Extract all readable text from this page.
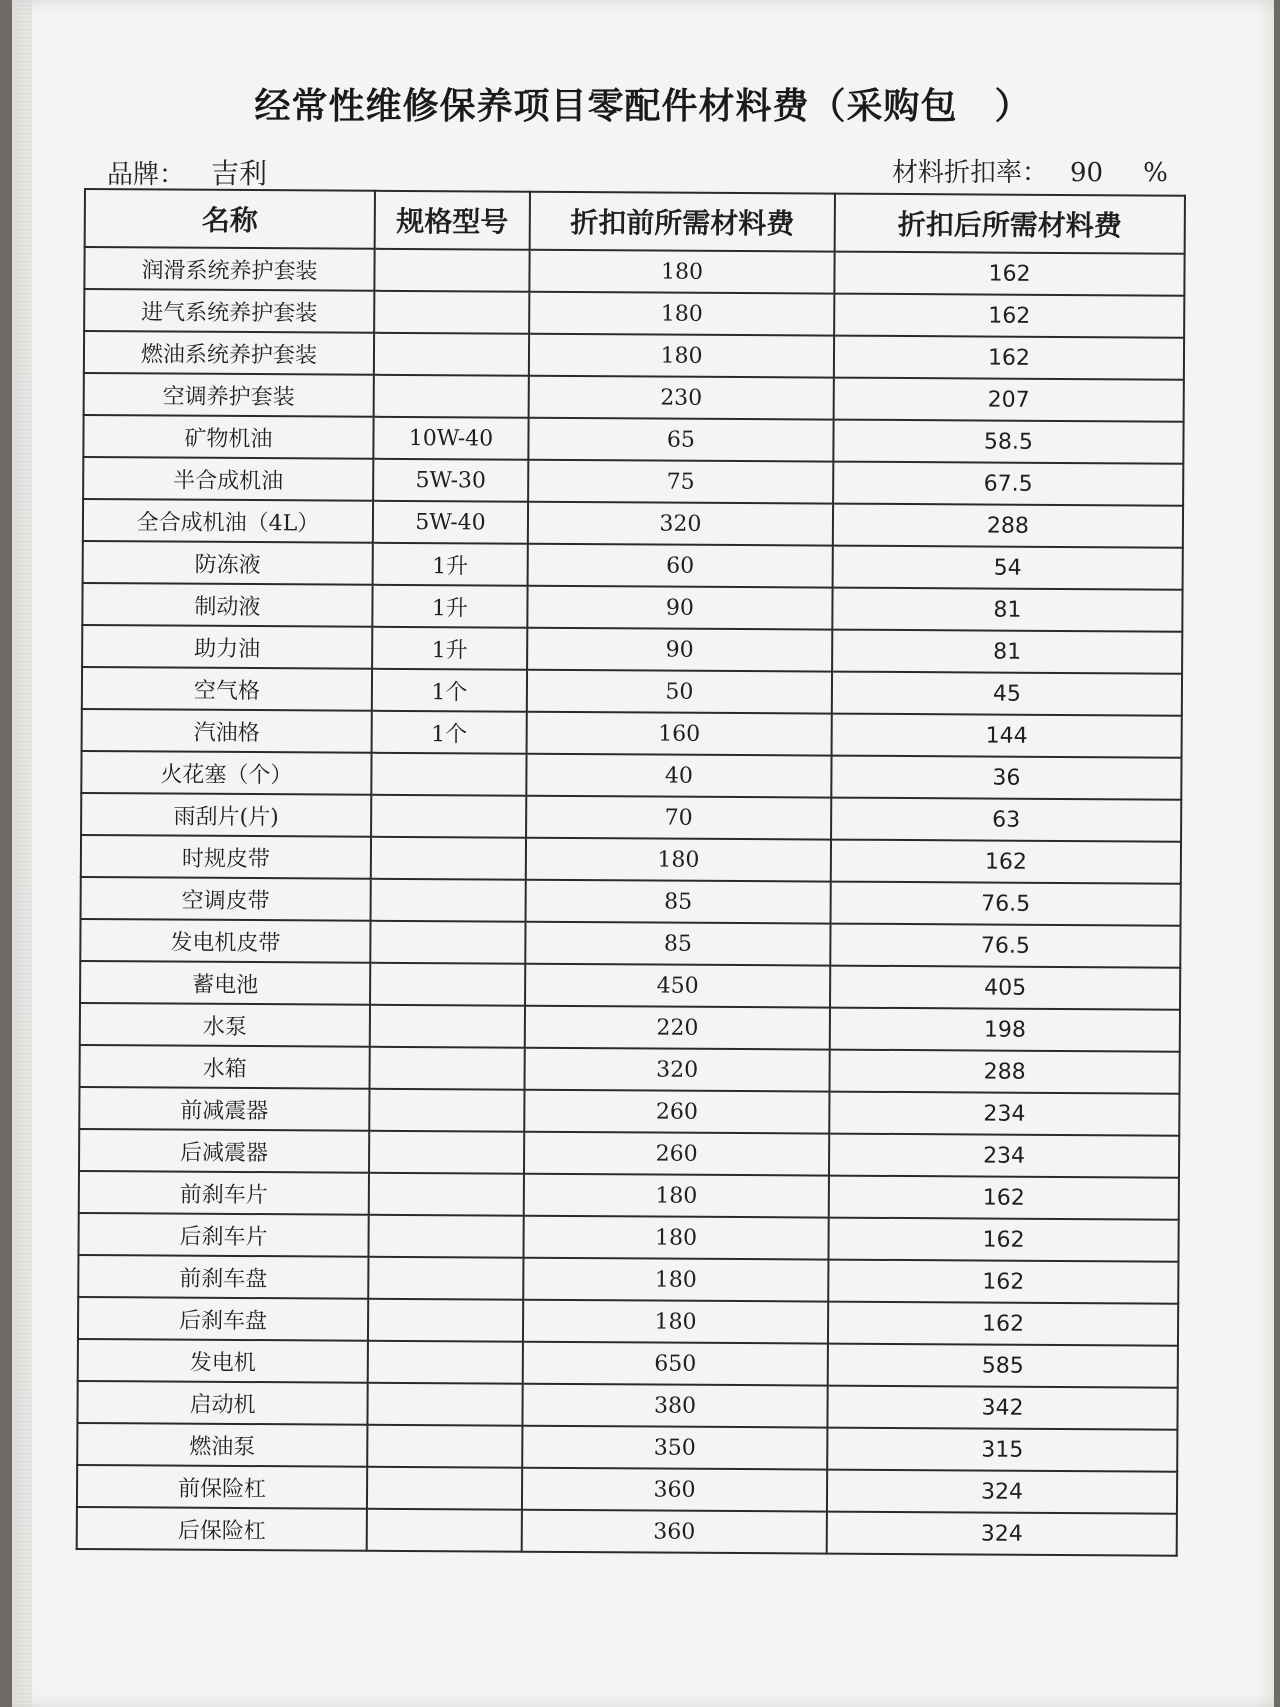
经常性维修保养项目零配件材料费（采购包　）
品牌： 吉利	材料折扣率： 90 %
名称	规格型号	折扣前所需材料费	折扣后所需材料费
润滑系统养护套装		180	162
进气系统养护套装		180	162
燃油系统养护套装		180	162
空调养护套装		230	207
矿物机油	10W-40	65	58.5
半合成机油	5W-30	75	67.5
全合成机油（4L）	5W-40	320	288
防冻液	1升	60	54
制动液	1升	90	81
助力油	1升	90	81
空气格	1个	50	45
汽油格	1个	160	144
火花塞（个）		40	36
雨刮片(片)		70	63
时规皮带		180	162
空调皮带		85	76.5
发电机皮带		85	76.5
蓄电池		450	405
水泵		220	198
水箱		320	288
前减震器		260	234
后减震器		260	234
前刹车片		180	162
后刹车片		180	162
前刹车盘		180	162
后刹车盘		180	162
发电机		650	585
启动机		380	342
燃油泵		350	315
前保险杠		360	324
后保险杠		360	324
